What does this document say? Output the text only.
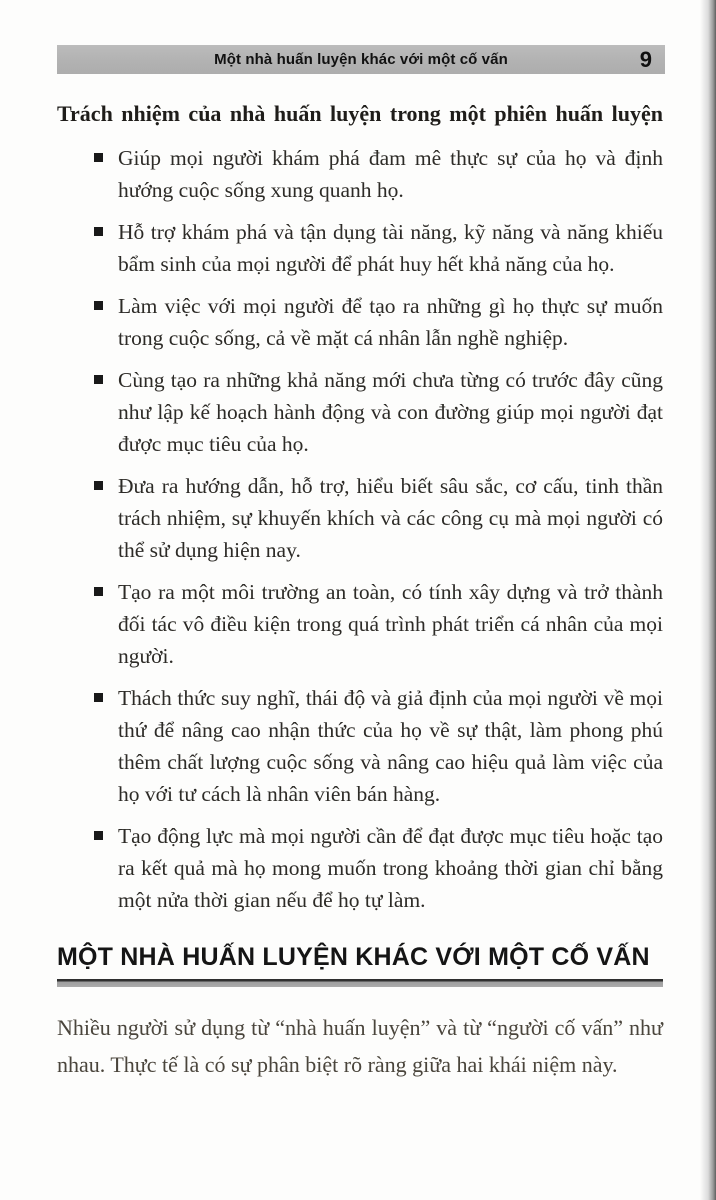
Một nhà huấn luyện khác với một cố vấn	9
Trách nhiệm của nhà huấn luyện trong một phiên huấn luyện
Giúp mọi người khám phá đam mê thực sự của họ và định hướng cuộc sống xung quanh họ.
Hỗ trợ khám phá và tận dụng tài năng, kỹ năng và năng khiếu bẩm sinh của mọi người để phát huy hết khả năng của họ.
Làm việc với mọi người để tạo ra những gì họ thực sự muốn trong cuộc sống, cả về mặt cá nhân lẫn nghề nghiệp.
Cùng tạo ra những khả năng mới chưa từng có trước đây cũng như lập kế hoạch hành động và con đường giúp mọi người đạt được mục tiêu của họ.
Đưa ra hướng dẫn, hỗ trợ, hiểu biết sâu sắc, cơ cấu, tinh thần trách nhiệm, sự khuyến khích và các công cụ mà mọi người có thể sử dụng hiện nay.
Tạo ra một môi trường an toàn, có tính xây dựng và trở thành đối tác vô điều kiện trong quá trình phát triển cá nhân của mọi người.
Thách thức suy nghĩ, thái độ và giả định của mọi người về mọi thứ để nâng cao nhận thức của họ về sự thật, làm phong phú thêm chất lượng cuộc sống và nâng cao hiệu quả làm việc của họ với tư cách là nhân viên bán hàng.
Tạo động lực mà mọi người cần để đạt được mục tiêu hoặc tạo ra kết quả mà họ mong muốn trong khoảng thời gian chỉ bằng một nửa thời gian nếu để họ tự làm.
MỘT NHÀ HUẤN LUYỆN KHÁC VỚI MỘT CỐ VẤN

Nhiều người sử dụng từ “nhà huấn luyện” và từ “người cố vấn” như nhau. Thực tế là có sự phân biệt rõ ràng giữa hai khái niệm này.
